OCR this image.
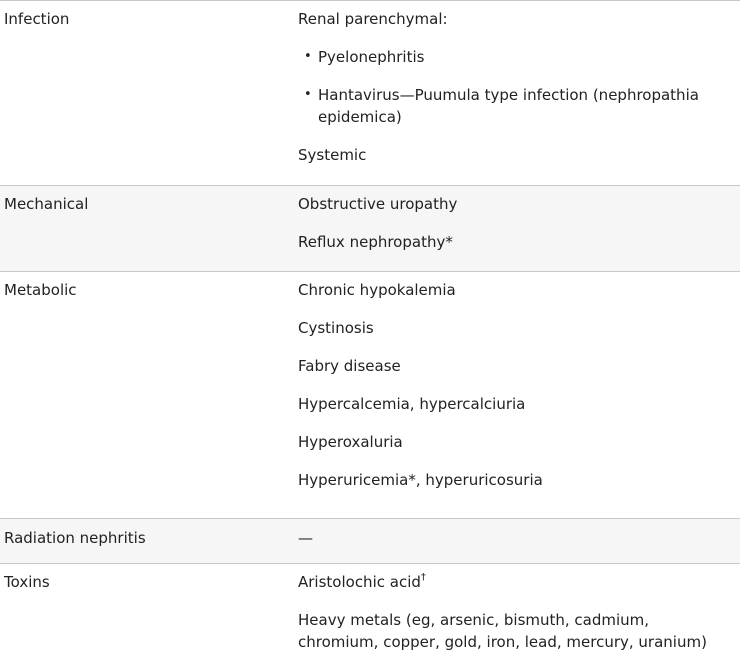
Infection	Renal parenchymal:

• Pyelonephritis
• Hantavirus—Puumula type infection (nephropathia epidemica)

Systemic

Mechanical	Obstructive uropathy

Reflux nephropathy*

Metabolic	Chronic hypokalemia

Cystinosis

Fabry disease

Hypercalcemia, hypercalciuria

Hyperoxaluria

Hyperuricemia*, hyperuricosuria

Radiation nephritis	—

Toxins	Aristolochic acid†

Heavy metals (eg, arsenic, bismuth, cadmium, chromium, copper, gold, iron, lead, mercury, uranium)
